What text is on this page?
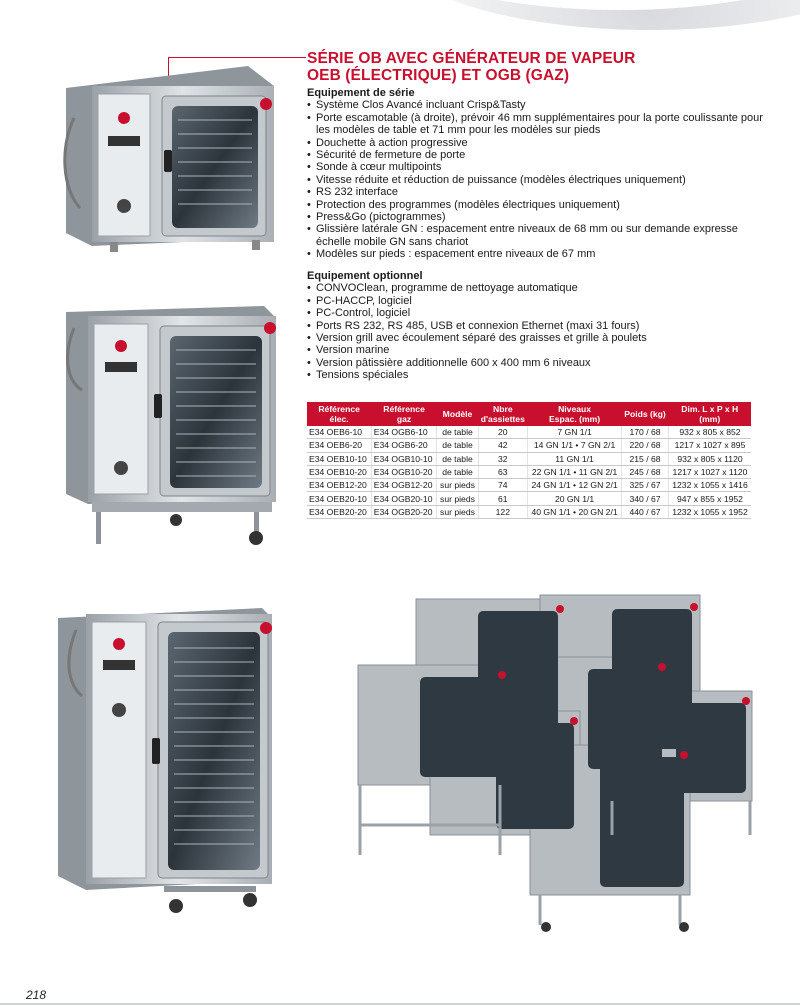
SÉRIE OB AVEC GÉNÉRATEUR DE VAPEUR
OEB (ÉLECTRIQUE) ET OGB (GAZ)
Equipement de série
• Système Clos Avancé incluant Crisp&Tasty
• Porte escamotable (à droite), prévoir 46 mm supplémentaires pour la porte coulissante pour les modèles de table et 71 mm pour les modèles sur pieds
• Douchette à action progressive
• Sécurité de fermeture de porte
• Sonde à cœur multipoints
• Vitesse réduite et réduction de puissance (modèles électriques uniquement)
• RS 232 interface
• Protection des programmes (modèles électriques uniquement)
• Press&Go (pictogrammes)
• Glissière latérale GN : espacement entre niveaux de 68 mm ou sur demande expresse échelle mobile GN sans chariot
• Modèles sur pieds : espacement entre niveaux de 67 mm
Equipement optionnel
• CONVOClean, programme de nettoyage automatique
• PC-HACCP, logiciel
• PC-Control, logiciel
• Ports RS 232, RS 485, USB et connexion Ethernet (maxi 31 fours)
• Version grill avec écoulement séparé des graisses et grille à poulets
• Version marine
• Version pâtissière additionnelle 600 x 400 mm 6 niveaux
• Tensions spéciales
Référence
élec.	Référence
gaz	Modèle	Nbre
d'assiettes	Niveaux
Espac. (mm)	Poids (kg)	Dim. L x P x H
(mm)
E34 OEB6-10	E34 OGB6-10	de table	20	7 GN 1/1	170 / 68	932 x 805 x 852
E34 OEB6-20	E34 OGB6-20	de table	42	14 GN 1/1 • 7 GN 2/1	220 / 68	1217 x 1027 x 895
E34 OEB10-10	E34 OGB10-10	de table	32	11 GN 1/1	215 / 68	932 x 805 x 1120
E34 OEB10-20	E34 OGB10-20	de table	63	22 GN 1/1 • 11 GN 2/1	245 / 68	1217 x 1027 x 1120
E34 OEB12-20	E34 OGB12-20	sur pieds	74	24 GN 1/1 • 12 GN 2/1	325 / 67	1232 x 1055 x 1416
E34 OEB20-10	E34 OGB20-10	sur pieds	61	20 GN 1/1	340 / 67	947 x 855 x 1952
E34 OEB20-20	E34 OGB20-20	sur pieds	122	40 GN 1/1 • 20 GN 2/1	440 / 67	1232 x 1055 x 1952
218
